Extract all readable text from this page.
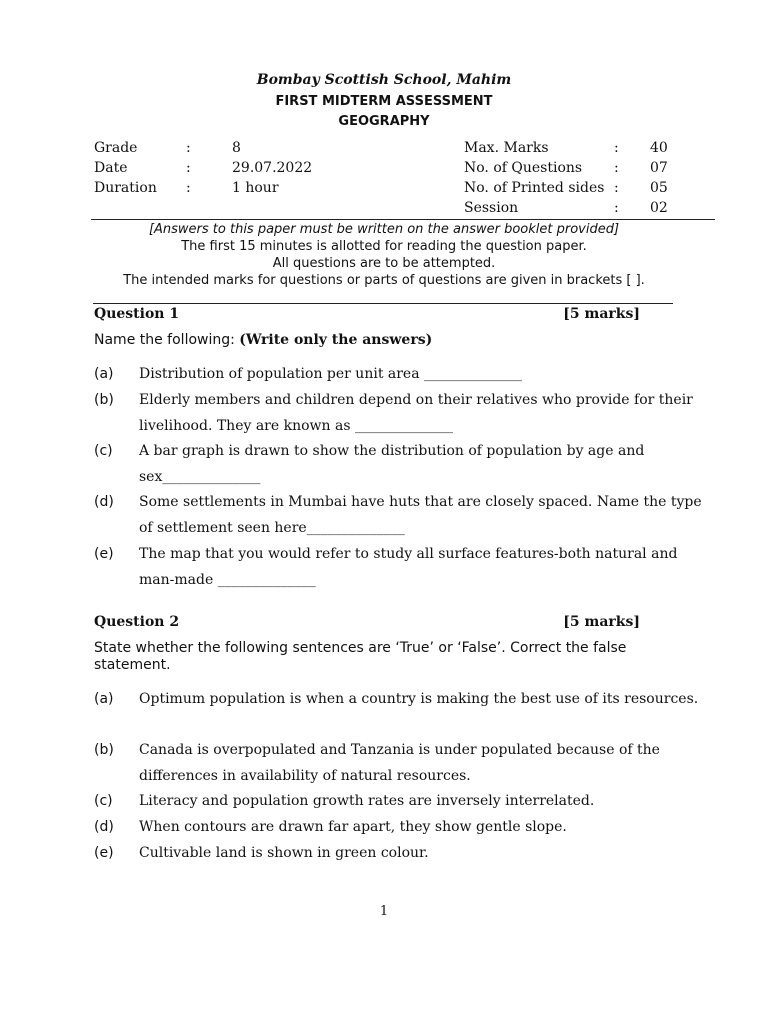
Bombay Scottish School, Mahim
FIRST MIDTERM ASSESSMENT
GEOGRAPHY
Grade	:	8
Date	:	29.07.2022
Duration :	1 hour
Max. Marks	: 40
No. of Questions : 07
No. of Printed sides : 05
Session	: 02
[Answers to this paper must be written on the answer booklet provided]
The first 15 minutes is allotted for reading the question paper.
All questions are to be attempted.
The intended marks for questions or parts of questions are given in brackets [ ].
Question 1	[5 marks]
Name the following: (Write only the answers)
(a) Distribution of population per unit area ______________
(b) Elderly members and children depend on their relatives who provide for their livelihood. They are known as ______________
(c) A bar graph is drawn to show the distribution of population by age and sex______________
(d) Some settlements in Mumbai have huts that are closely spaced. Name the type of settlement seen here______________
(e) The map that you would refer to study all surface features-both natural and man-made ______________
Question 2	[5 marks]
State whether the following sentences are ‘True’ or ‘False’. Correct the false statement.
(a) Optimum population is when a country is making the best use of its resources.
(b) Canada is overpopulated and Tanzania is under populated because of the differences in availability of natural resources.
(c) Literacy and population growth rates are inversely interrelated.
(d) When contours are drawn far apart, they show gentle slope.
(e) Cultivable land is shown in green colour.
1
